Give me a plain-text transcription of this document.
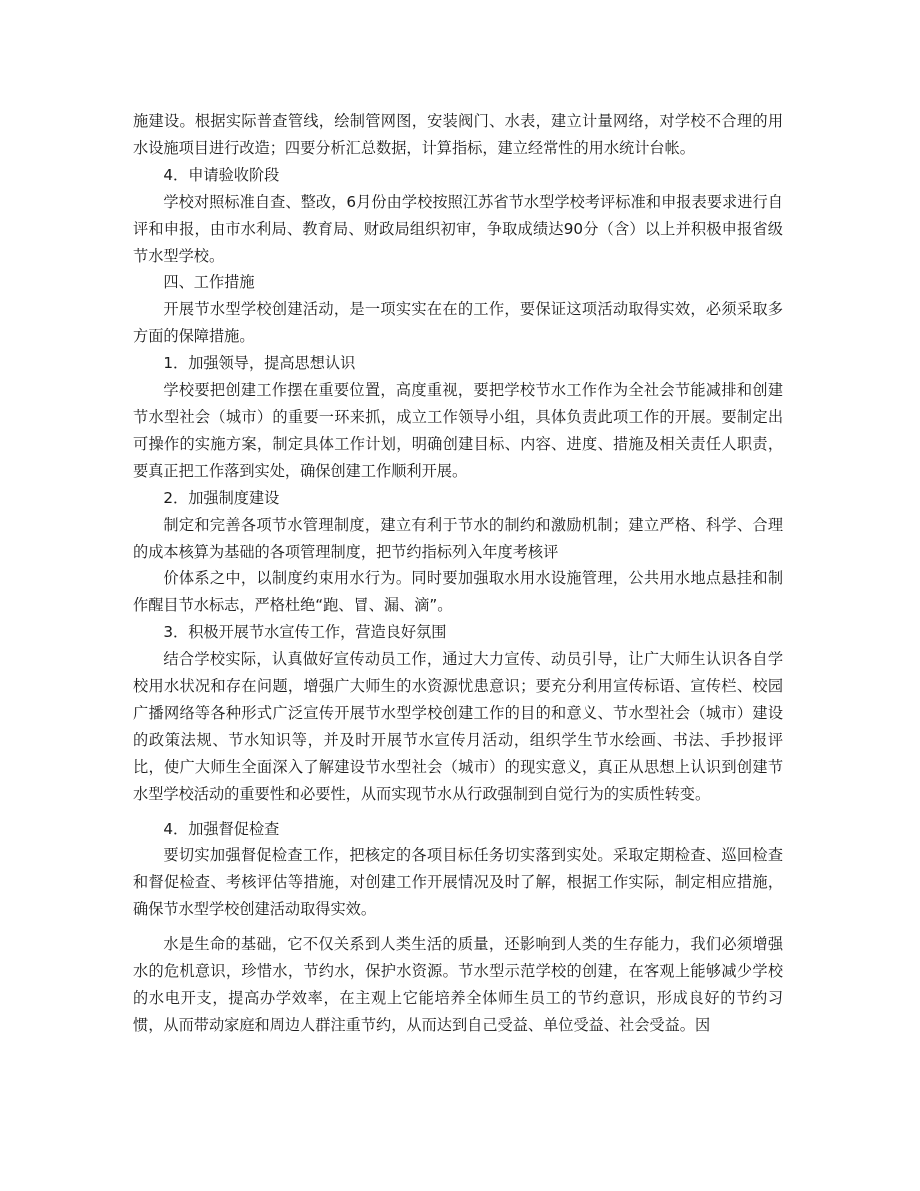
施建设。根据实际普查管线，绘制管网图，安装阀门、水表，建立计量网络，对学校不合理的用水设施项目进行改造；四要分析汇总数据，计算指标，建立经常性的用水统计台帐。

4．申请验收阶段

学校对照标准自查、整改，6月份由学校按照江苏省节水型学校考评标准和申报表要求进行自评和申报，由市水利局、教育局、财政局组织初审，争取成绩达90分（含）以上并积极申报省级节水型学校。

四、工作措施

开展节水型学校创建活动，是一项实实在在的工作，要保证这项活动取得实效，必须采取多方面的保障措施。

1．加强领导，提高思想认识

学校要把创建工作摆在重要位置，高度重视，要把学校节水工作作为全社会节能减排和创建节水型社会（城市）的重要一环来抓，成立工作领导小组，具体负责此项工作的开展。要制定出可操作的实施方案，制定具体工作计划，明确创建目标、内容、进度、措施及相关责任人职责，要真正把工作落到实处，确保创建工作顺利开展。

2．加强制度建设

制定和完善各项节水管理制度，建立有利于节水的制约和激励机制；建立严格、科学、合理的成本核算为基础的各项管理制度，把节约指标列入年度考核评

价体系之中，以制度约束用水行为。同时要加强取水用水设施管理，公共用水地点悬挂和制作醒目节水标志，严格杜绝“跑、冒、漏、滴”。

3．积极开展节水宣传工作，营造良好氛围

结合学校实际，认真做好宣传动员工作，通过大力宣传、动员引导，让广大师生认识各自学校用水状况和存在问题，增强广大师生的水资源忧患意识；要充分利用宣传标语、宣传栏、校园广播网络等各种形式广泛宣传开展节水型学校创建工作的目的和意义、节水型社会（城市）建设的政策法规、节水知识等，并及时开展节水宣传月活动，组织学生节水绘画、书法、手抄报评比，使广大师生全面深入了解建设节水型社会（城市）的现实意义，真正从思想上认识到创建节水型学校活动的重要性和必要性，从而实现节水从行政强制到自觉行为的实质性转变。

4．加强督促检查

要切实加强督促检查工作，把核定的各项目标任务切实落到实处。采取定期检查、巡回检查和督促检查、考核评估等措施，对创建工作开展情况及时了解，根据工作实际，制定相应措施，确保节水型学校创建活动取得实效。

水是生命的基础，它不仅关系到人类生活的质量，还影响到人类的生存能力，我们必须增强水的危机意识，珍惜水，节约水，保护水资源。节水型示范学校的创建，在客观上能够减少学校的水电开支，提高办学效率，在主观上它能培养全体师生员工的节约意识，形成良好的节约习惯，从而带动家庭和周边人群注重节约，从而达到自己受益、单位受益、社会受益。因
